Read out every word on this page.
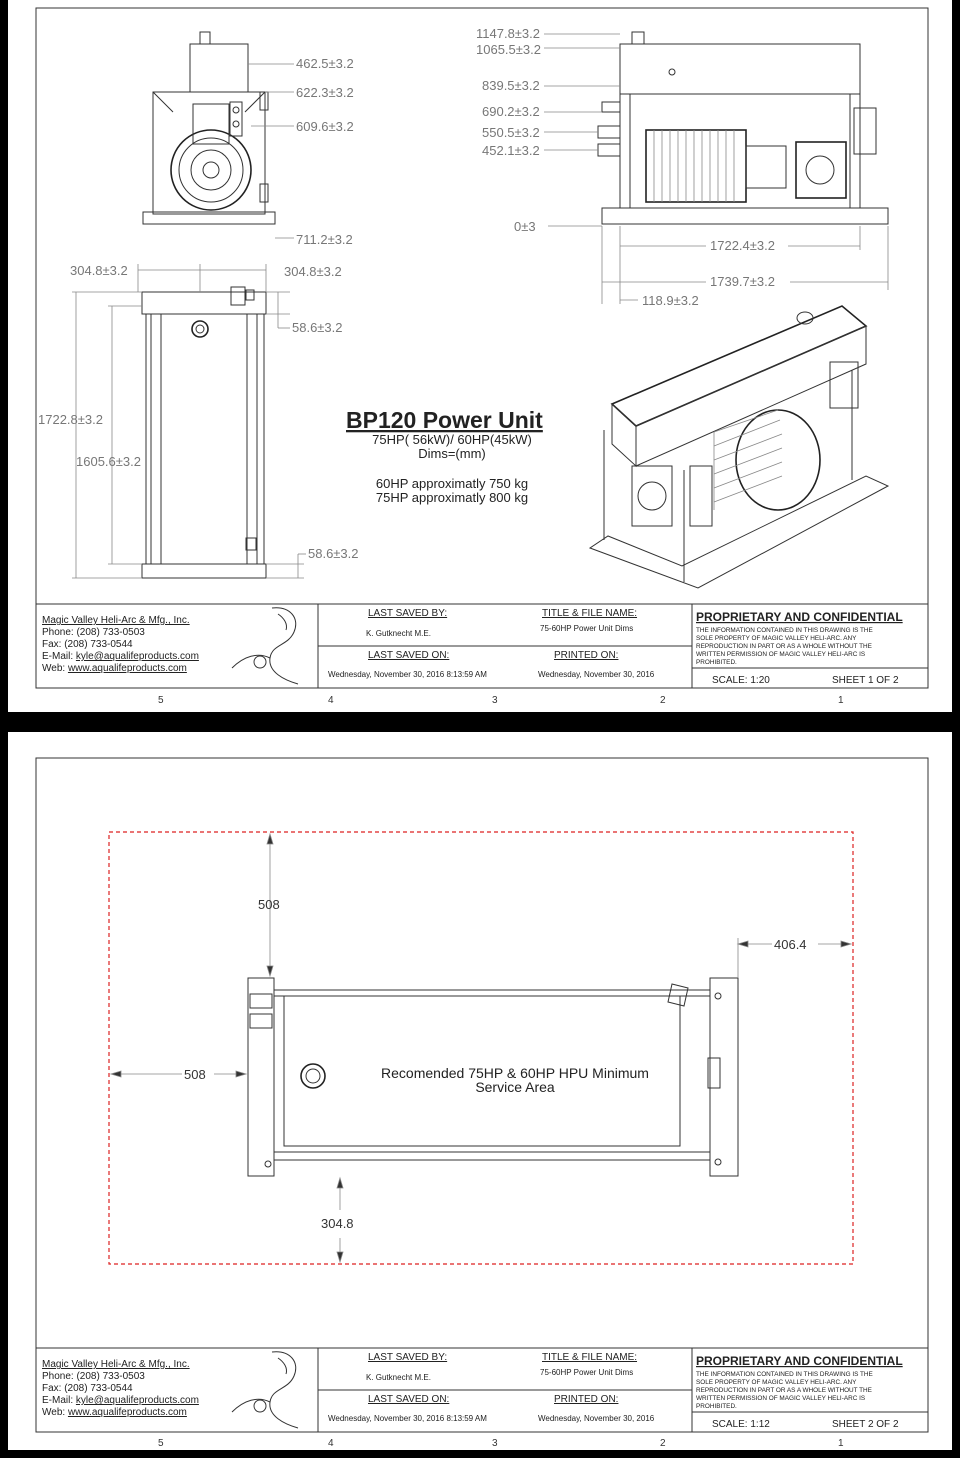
462.5±3.2
622.3±3.2
609.6±3.2
711.2±3.2
304.8±3.2	304.8±3.2
58.6±3.2
1722.8±3.2
1605.6±3.2
58.6±3.2
1147.8±3.2
1065.5±3.2
839.5±3.2
690.2±3.2
550.5±3.2
452.1±3.2
0±3
1722.4±3.2
1739.7±3.2
118.9±3.2
BP120 Power Unit
75HP( 56kW)/ 60HP(45kW)
Dims=(mm)
60HP approximatly 750 kg
75HP approximatly 800 kg
Magic Valley Heli-Arc & Mfg., Inc.
Phone: (208) 733-0503
Fax: (208) 733-0544
E-Mail: kyle@aqualifeproducts.com
Web: www.aqualifeproducts.com
LAST SAVED BY:
K. Gutknecht M.E.
LAST SAVED ON:
Wednesday, November 30, 2016 8:13:59 AM
TITLE & FILE NAME:
75-60HP Power Unit Dims
PRINTED ON:
Wednesday, November 30, 2016
PROPRIETARY AND CONFIDENTIAL
THE INFORMATION CONTAINED IN THIS DRAWING IS THE
SOLE PROPERTY OF MAGIC VALLEY HELI-ARC. ANY
REPRODUCTION IN PART OR AS A WHOLE WITHOUT THE
WRITTEN PERMISSION OF MAGIC VALLEY HELI-ARC IS
PROHIBITED.
SCALE: 1:20	SHEET 1 OF 2
5	4	3	2	1
508
508
406.4
304.8
Recomended 75HP & 60HP HPU Minimum
Service Area
Magic Valley Heli-Arc & Mfg., Inc.
Phone: (208) 733-0503
Fax: (208) 733-0544
E-Mail: kyle@aqualifeproducts.com
Web: www.aqualifeproducts.com
LAST SAVED BY:
K. Gutknecht M.E.
LAST SAVED ON:
Wednesday, November 30, 2016 8:13:59 AM
TITLE & FILE NAME:
75-60HP Power Unit Dims
PRINTED ON:
Wednesday, November 30, 2016
PROPRIETARY AND CONFIDENTIAL
THE INFORMATION CONTAINED IN THIS DRAWING IS THE
SOLE PROPERTY OF MAGIC VALLEY HELI-ARC. ANY
REPRODUCTION IN PART OR AS A WHOLE WITHOUT THE
WRITTEN PERMISSION OF MAGIC VALLEY HELI-ARC IS
PROHIBITED.
SCALE: 1:12	SHEET 2 OF 2
5	4	3	2	1
